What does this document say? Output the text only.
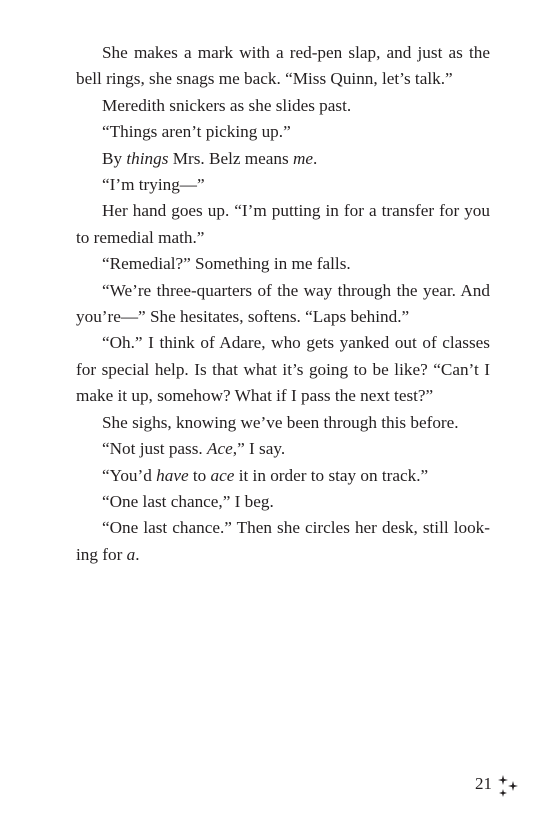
She makes a mark with a red-pen slap, and just as the bell rings, she snags me back. “Miss Quinn, let’s talk.”

Meredith snickers as she slides past.

“Things aren’t picking up.”

By things Mrs. Belz means me.

“I’m trying—”

Her hand goes up. “I’m putting in for a transfer for you to remedial math.”

“Remedial?” Something in me falls.

“We’re three-quarters of the way through the year. And you’re—” She hesitates, softens. “Laps behind.”

“Oh.” I think of Adare, who gets yanked out of classes for special help. Is that what it’s going to be like? “Can’t I make it up, somehow? What if I pass the next test?”

She sighs, knowing we’ve been through this before.

“Not just pass. Ace,” I say.

“You’d have to ace it in order to stay on track.”

“One last chance,” I beg.

“One last chance.” Then she circles her desk, still looking for a.

21
